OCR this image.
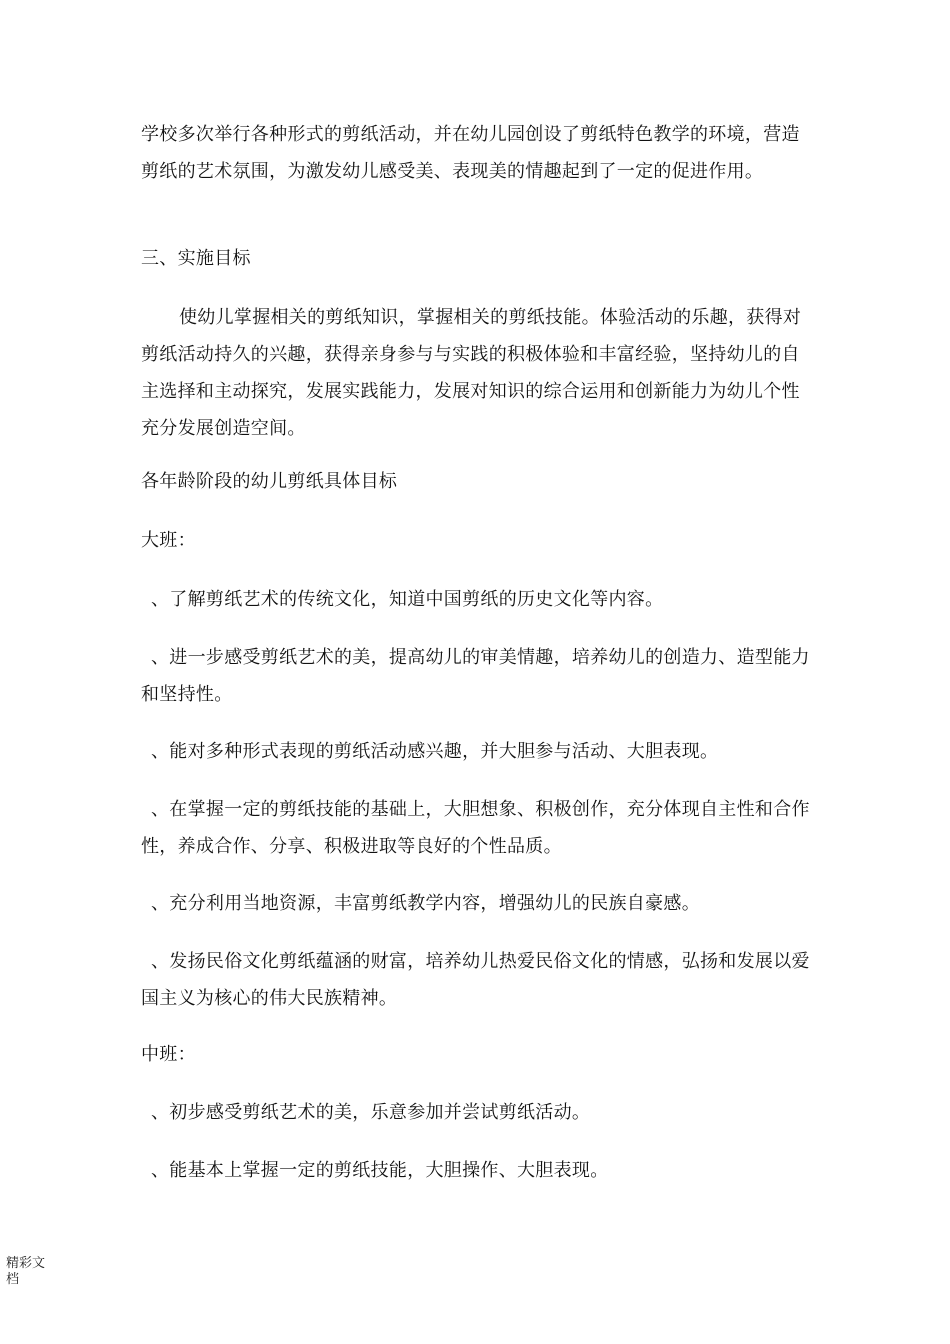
学校多次举行各种形式的剪纸活动，并在幼儿园创设了剪纸特色教学的环境，营造剪纸的艺术氛围，为激发幼儿感受美、表现美的情趣起到了一定的促进作用。

三、实施目标

使幼儿掌握相关的剪纸知识，掌握相关的剪纸技能。体验活动的乐趣，获得对剪纸活动持久的兴趣，获得亲身参与与实践的积极体验和丰富经验，坚持幼儿的自主选择和主动探究，发展实践能力，发展对知识的综合运用和创新能力为幼儿个性充分发展创造空间。

各年龄阶段的幼儿剪纸具体目标

大班：

、了解剪纸艺术的传统文化，知道中国剪纸的历史文化等内容。

、进一步感受剪纸艺术的美，提高幼儿的审美情趣，培养幼儿的创造力、造型能力和坚持性。

、能对多种形式表现的剪纸活动感兴趣，并大胆参与活动、大胆表现。

、在掌握一定的剪纸技能的基础上，大胆想象、积极创作，充分体现自主性和合作性，养成合作、分享、积极进取等良好的个性品质。

、充分利用当地资源，丰富剪纸教学内容，增强幼儿的民族自豪感。

、发扬民俗文化剪纸蕴涵的财富，培养幼儿热爱民俗文化的情感，弘扬和发展以爱国主义为核心的伟大民族精神。

中班：

、初步感受剪纸艺术的美，乐意参加并尝试剪纸活动。

、能基本上掌握一定的剪纸技能，大胆操作、大胆表现。

精彩文档
